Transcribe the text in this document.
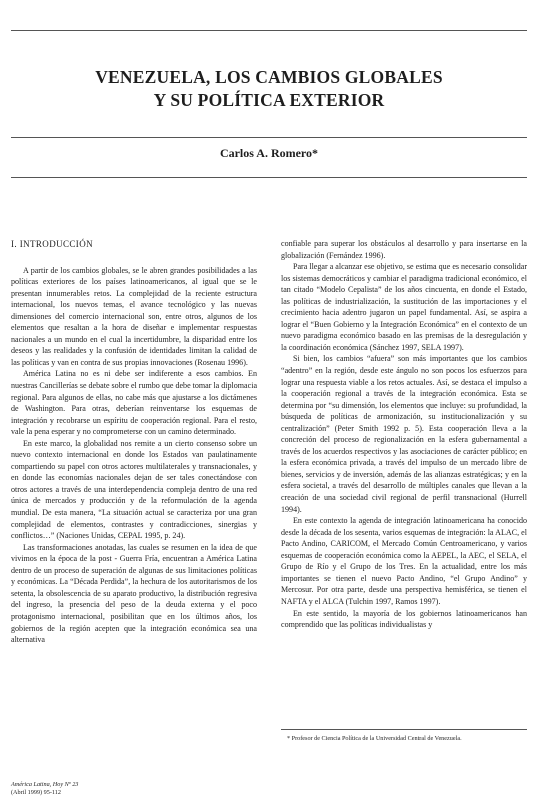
VENEZUELA, LOS CAMBIOS GLOBALES
Y SU POLÍTICA EXTERIOR
Carlos A. Romero*

I. INTRODUCCIÓN

A partir de los cambios globales, se le abren grandes posibilidades a las políticas exteriores de los países latinoamericanos, al igual que se le presentan innumerables retos. La complejidad de la reciente estructura internacional, los nuevos temas, el avance tecnológico y las nuevas dimensiones del comercio internacional son, entre otros, algunos de los elementos que resaltan a la hora de diseñar e implementar respuestas nacionales a un mundo en el cual la incertidumbre, la disparidad entre los deseos y las realidades y la confusión de identidades limitan la calidad de las políticas y van en contra de sus propias innovaciones (Rosenau 1996).

América Latina no es ni debe ser indiferente a esos cambios. En nuestras Cancillerías se debate sobre el rumbo que debe tomar la diplomacia regional. Para algunos de ellas, no cabe más que ajustarse a los dictámenes de Washington. Para otras, deberían reinventarse los esquemas de integración y recobrarse un espíritu de cooperación regional. Para el resto, vale la pena esperar y no comprometerse con un camino determinado.

En este marco, la globalidad nos remite a un cierto consenso sobre un nuevo contexto internacional en donde los Estados van paulatinamente compartiendo su papel con otros actores multilaterales y transnacionales, y en donde las economías nacionales dejan de ser tales conectándose con otros actores a través de una interdependencia compleja dentro de una red única de mercados y producción y de la reformulación de la agenda mundial. De esta manera, “La situación actual se caracteriza por una gran complejidad de elementos, contrastes y contradicciones, sinergias y conflictos…” (Naciones Unidas, CEPAL 1995, p. 24).

Las transformaciones anotadas, las cuales se resumen en la idea de que vivimos en la época de la post - Guerra Fría, encuentran a América Latina dentro de un proceso de superación de algunas de sus limitaciones políticas y económicas. La “Década Perdida”, la hechura de los autoritarismos de los setenta, la obsolescencia de su aparato productivo, la distribución regresiva del ingreso, la presencia del peso de la deuda externa y el poco protagonismo internacional, posibilitan que en los últimos años, los gobiernos de la región acepten que la integración económica sea una alternativa

confiable para superar los obstáculos al desarrollo y para insertarse en la globalización (Fernández 1996).

Para llegar a alcanzar ese objetivo, se estima que es necesario consolidar los sistemas democráticos y cambiar el paradigma tradicional económico, el tan citado “Modelo Cepalista” de los años cincuenta, en donde el Estado, las políticas de industrialización, la sustitución de las importaciones y el crecimiento hacia adentro jugaron un papel fundamental. Así, se aspira a lograr el “Buen Gobierno y la Integración Económica” en el contexto de un nuevo paradigma económico basado en las premisas de la desregulación y la coordinación económica (Sánchez 1997, SELA 1997).

Si bien, los cambios “afuera” son más importantes que los cambios “adentro” en la región, desde este ángulo no son pocos los esfuerzos para lograr una respuesta viable a los retos actuales. Así, se destaca el impulso a la cooperación regional a través de la integración económica. Esta se determina por “su dimensión, los elementos que incluye: su profundidad, la búsqueda de políticas de armonización, su institucionalización y su centralización” (Peter Smith 1992 p. 5). Esta cooperación lleva a la concreción del proceso de regionalización en la esfera gubernamental a través de los acuerdos respectivos y las asociaciones de carácter público; en la esfera económica privada, a través del impulso de un mercado libre de bienes, servicios y de inversión, además de las alianzas estratégicas; y en la esfera societal, a través del desarrollo de múltiples canales que llevan a la creación de una sociedad civil regional de perfil transnacional (Hurrell 1994).

En este contexto la agenda de integración latinoamericana ha conocido desde la década de los sesenta, varios esquemas de integración: la ALAC, el Pacto Andino, CARICOM, el Mercado Común Centroamericano, y varios esquemas de cooperación económica como la AEPEL, la AEC, el SELA, el Grupo de Río y el Grupo de los Tres. En la actualidad, entre los más importantes se tienen el nuevo Pacto Andino, “el Grupo Andino” y Mercosur. Por otra parte, desde una perspectiva hemisférica, se tienen el NAFTA y el ALCA (Tulchin 1997, Ramos 1997).

En este sentido, la mayoría de los gobiernos latinoamericanos han comprendido que las políticas individualistas y

* Profesor de Ciencia Política de la Universidad Central de Venezuela.
América Latina, Hoy Nº 23
(Abril 1999) 95-112
